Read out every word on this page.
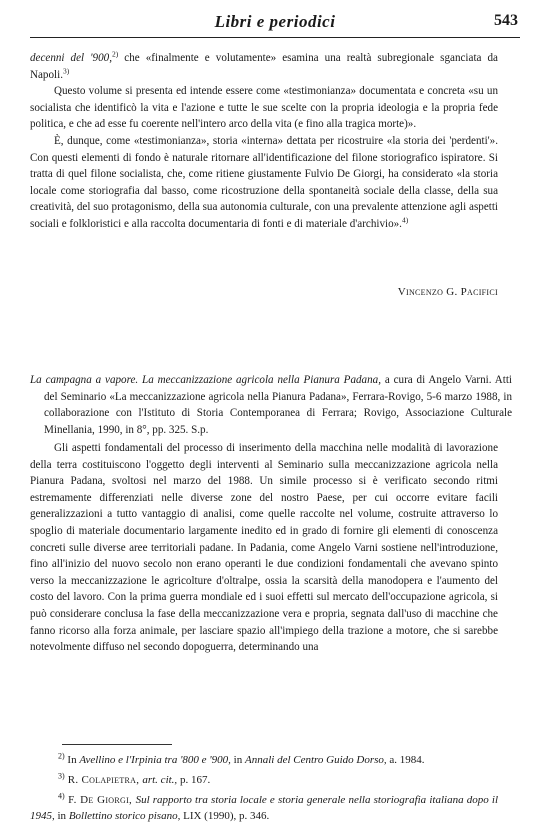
Libri e periodici	543

decenni del '900,$^{2)}$ che «finalmente e volutamente» esamina una realtà subregionale sganciata da Napoli.$^{3)}$

Questo volume si presenta ed intende essere come «testimonianza» documentata e concreta «su un socialista che identificò la vita e l'azione e tutte le sue scelte con la propria ideologia e la propria fede politica, e che ad esse fu coerente nell'intero arco della vita (e fino alla tragica morte)».

È, dunque, come «testimonianza», storia «interna» dettata per ricostruire «la storia dei 'perdenti'». Con questi elementi di fondo è naturale ritornare all'identificazione del filone storiografico ispiratore. Si tratta di quel filone socialista, che, come ritiene giustamente Fulvio De Giorgi, ha considerato «la storia locale come storiografia dal basso, come ricostruzione della spontaneità sociale della classe, della sua creatività, del suo protagonismo, della sua autonomia culturale, con una prevalente attenzione agli aspetti sociali e folkloristici e alla raccolta documentaria di fonti e di materiale d'archivio».$^{4)}$

Vincenzo G. Pacifici
La campagna a vapore. La meccanizzazione agricola nella Pianura Padana, a cura di Angelo Varni. Atti del Seminario «La meccanizzazione agricola nella Pianura Padana», Ferrara-Rovigo, 5-6 marzo 1988, in collaborazione con l'Istituto di Storia Contemporanea di Ferrara; Rovigo, Associazione Culturale Minellania, 1990, in 8°, pp. 325. S.p.

Gli aspetti fondamentali del processo di inserimento della macchina nelle modalità di lavorazione della terra costituiscono l'oggetto degli interventi al Seminario sulla meccanizzazione agricola nella Pianura Padana, svoltosi nel marzo del 1988. Un simile processo si è verificato secondo ritmi estremamente differenziati nelle diverse zone del nostro Paese, per cui occorre evitare facili generalizzazioni a tutto vantaggio di analisi, come quelle raccolte nel volume, costruite attraverso lo spoglio di materiale documentario largamente inedito ed in grado di fornire gli elementi di conoscenza concreti sulle diverse aree territoriali padane. In Padania, come Angelo Varni sostiene nell'introduzione, fino all'inizio del nuovo secolo non erano operanti le due condizioni fondamentali che avevano spinto verso la meccanizzazione le agricolture d'oltralpe, ossia la scarsità della manodopera e l'aumento del costo del lavoro. Con la prima guerra mondiale ed i suoi effetti sul mercato dell'occupazione agricola, si può considerare conclusa la fase della meccanizzazione vera e propria, segnata dall'uso di macchine che fanno ricorso alla forza animale, per lasciare spazio all'impiego della trazione a motore, che si sarebbe notevolmente diffuso nel secondo dopoguerra, determinando una

$^{2)}$ In Avellino e l'Irpinia tra '800 e '900, in Annali del Centro Guido Dorso, a. 1984.

$^{3)}$ R. Colapietra, art. cit., p. 167.

$^{4)}$ F. De Giorgi, Sul rapporto tra storia locale e storia generale nella storiografia italiana dopo il 1945, in Bollettino storico pisano, LIX (1990), p. 346.
